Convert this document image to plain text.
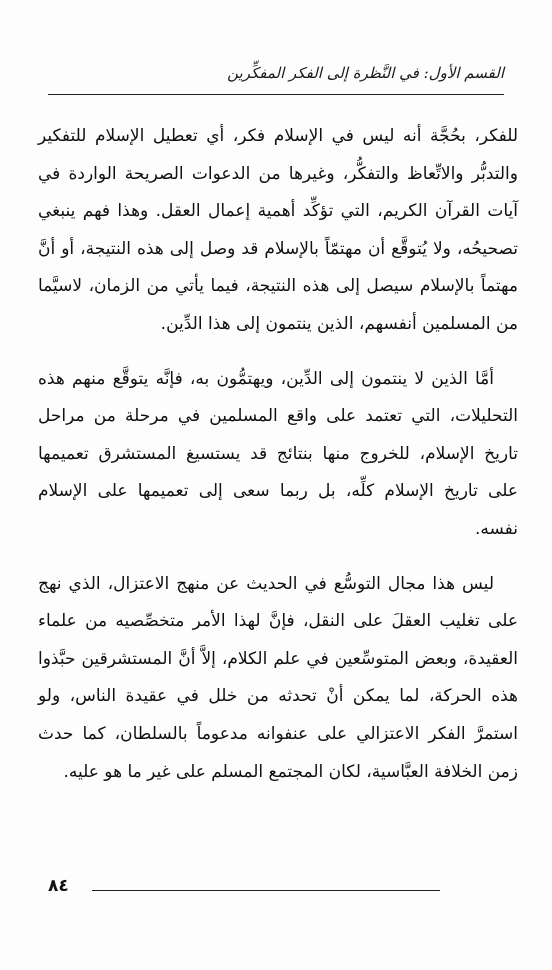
القسم الأول: في النَّظرة إلى الفكر المفكِّرين

للفكر، بحُجَّة أنه ليس في الإسلام فكر، أي تعطيل الإسلام للتفكير والتدبُّر والاتِّعاظ والتفكُّر، وغيرها من الدعوات الصريحة الواردة في آيات القرآن الكريم، التي تؤكِّد أهمية إعمال العقل. وهذا فهم ينبغي تصحيحُه، ولا يُتوقَّع أن مهتمّاً بالإسلام قد وصل إلى هذه النتيجة، أو أنَّ مهتماً بالإسلام سيصل إلى هذه النتيجة، فيما يأتي من الزمان، لاسيَّما من المسلمين أنفسهم، الذين ينتمون إلى هذا الدِّين.

أمَّا الذين لا ينتمون إلى الدِّين، ويهتمُّون به، فإنَّه يتوقَّع منهم هذه التحليلات، التي تعتمد على واقع المسلمين في مرحلة من مراحل تاريخ الإسلام، للخروج منها بنتائج قد يستسيغ المستشرق تعميمها على تاريخ الإسلام كلِّه، بل ربما سعى إلى تعميمها على الإسلام نفسه.

ليس هذا مجال التوسُّع في الحديث عن منهج الاعتزال، الذي نهج على تغليب العقلَ على النقل، فإنَّ لهذا الأمر متخصِّصيه من علماء العقيدة، وبعض المتوسِّعين في علم الكلام، إلاَّ أنَّ المستشرقين حبَّذوا هذه الحركة، لما يمكن أنْ تحدثه من خلل في عقيدة الناس، ولو استمرَّ الفكر الاعتزالي على عنفوانه مدعوماً بالسلطان، كما حدث زمن الخلافة العبَّاسية، لكان المجتمع المسلم على غير ما هو عليه.

٨٤
